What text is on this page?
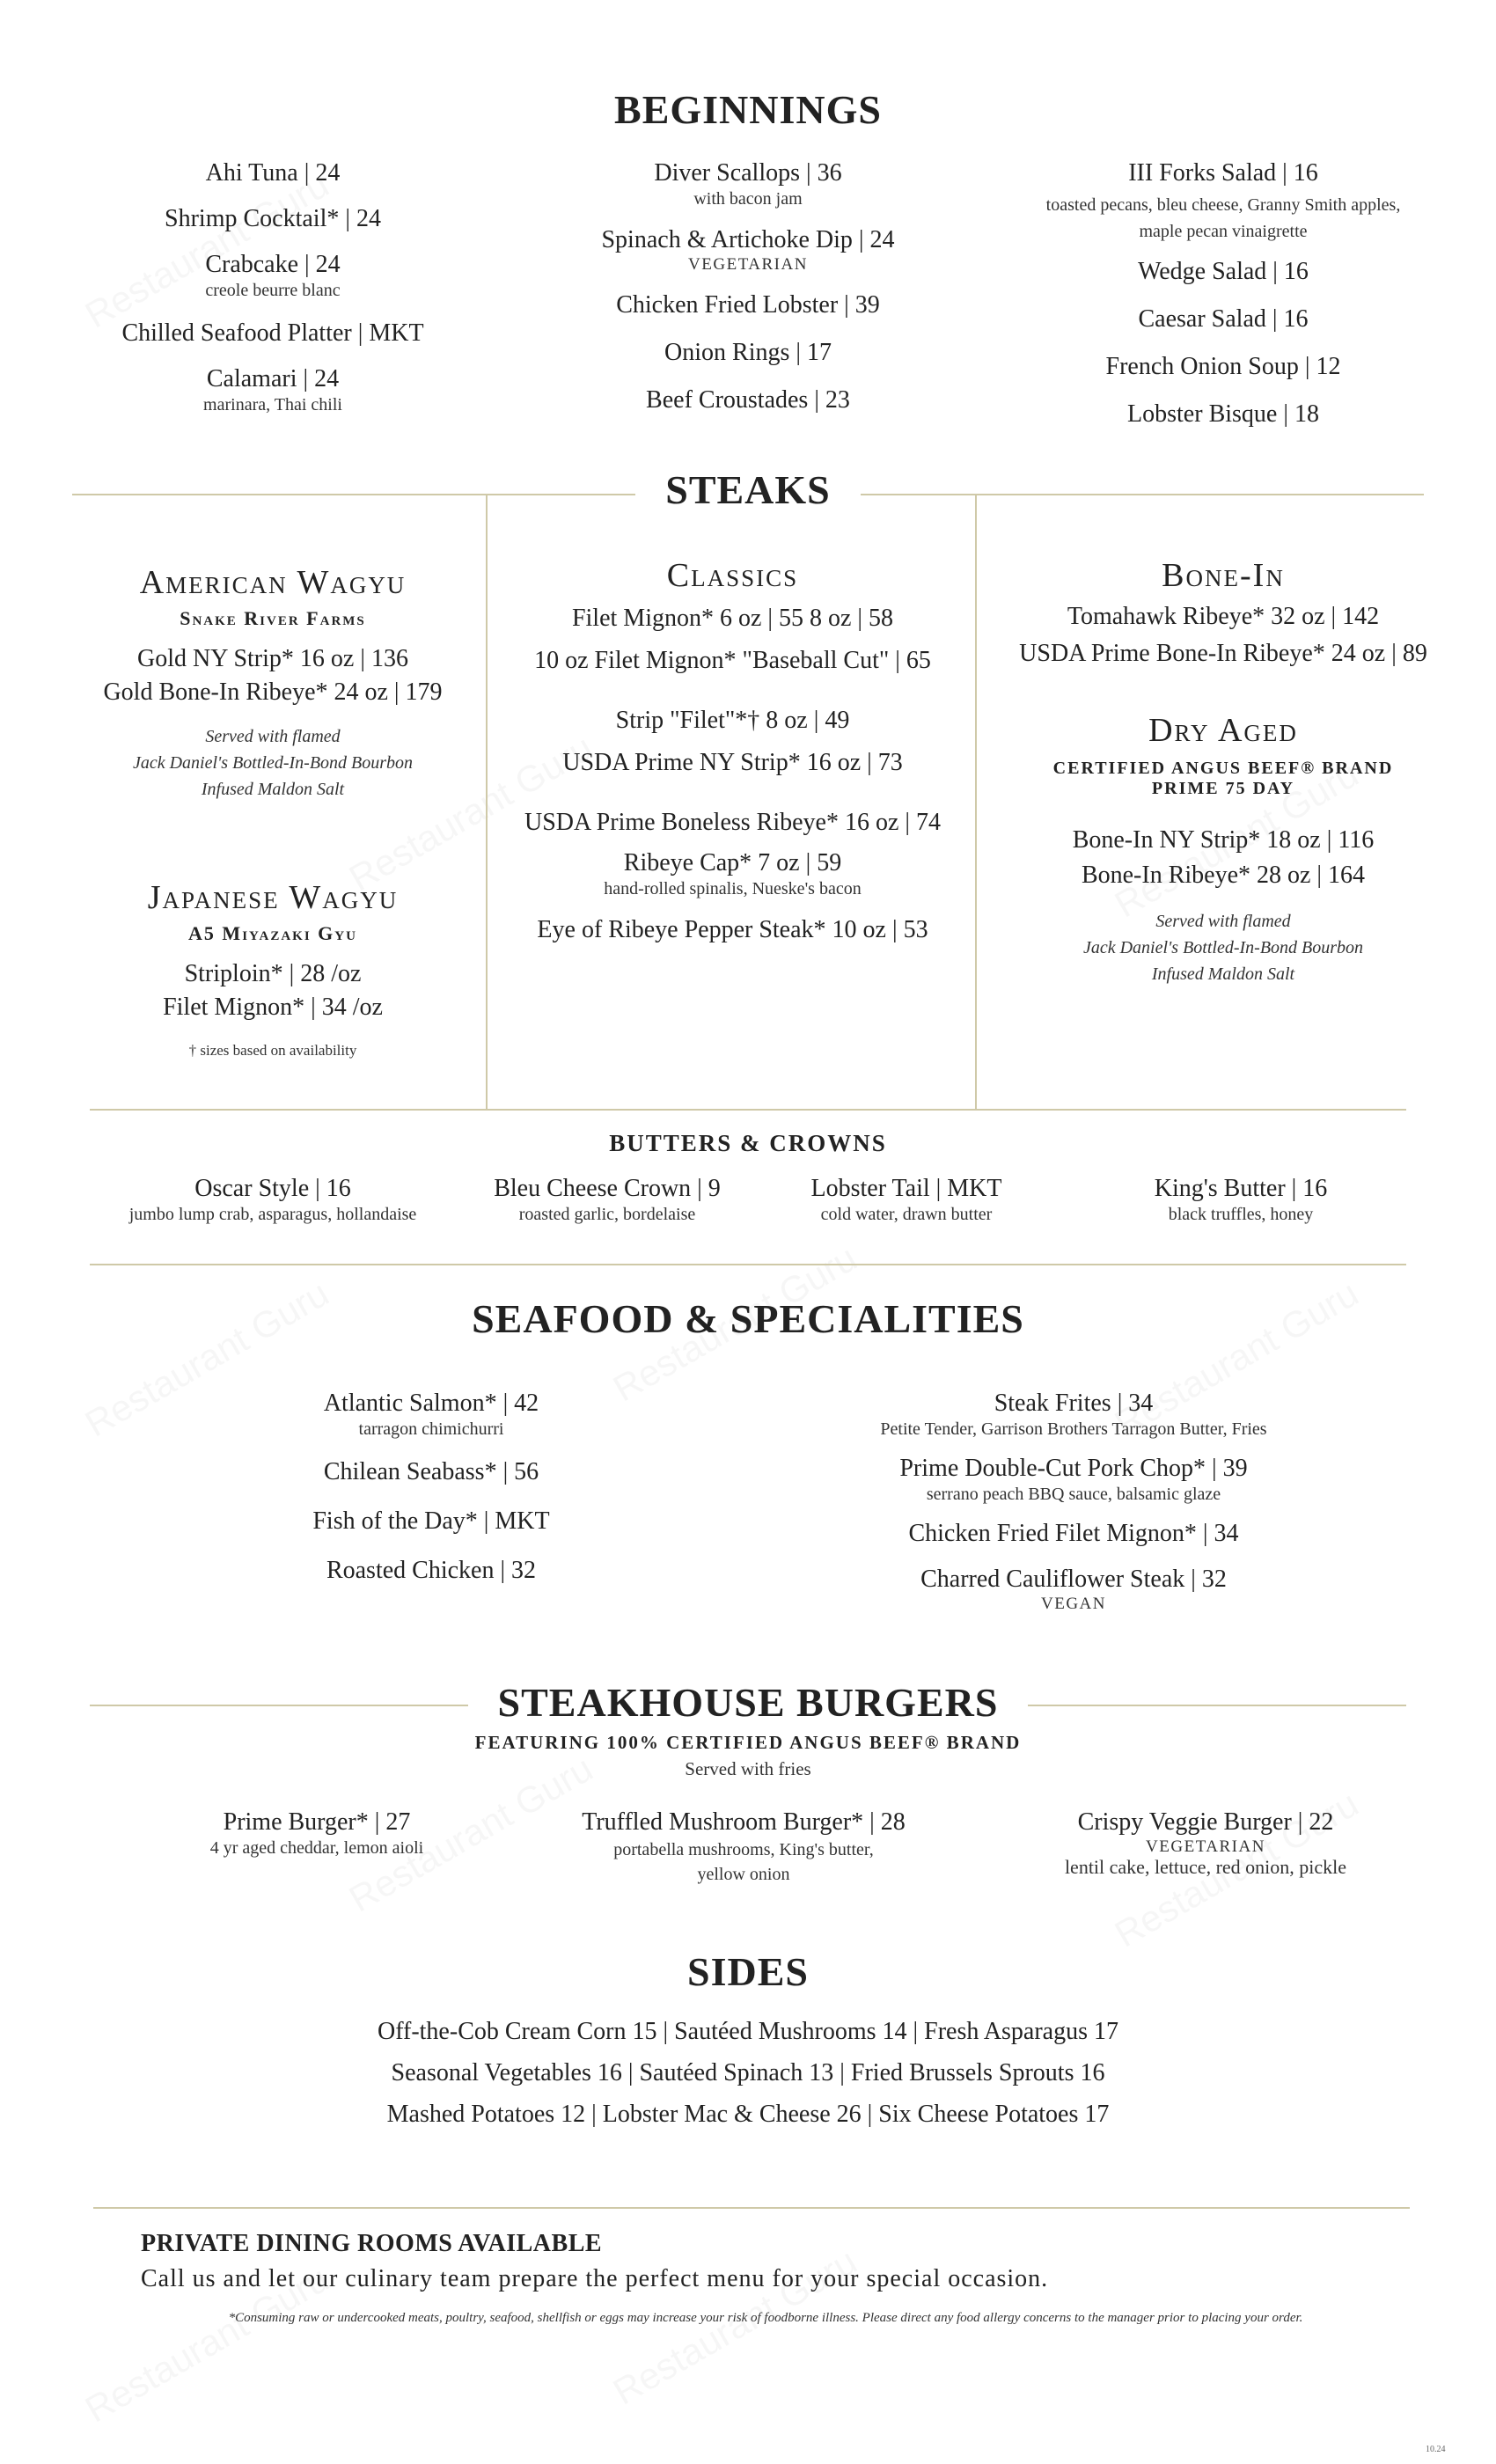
BEGINNINGS
Ahi Tuna | 24
Shrimp Cocktail* | 24
Crabcake | 24
creole beurre blanc
Chilled Seafood Platter | MKT
Calamari | 24
marinara, Thai chili
Diver Scallops | 36
with bacon jam
Spinach & Artichoke Dip | 24
VEGETARIAN
Chicken Fried Lobster | 39
Onion Rings | 17
Beef Croustades | 23
III Forks Salad | 16
toasted pecans, bleu cheese, Granny Smith apples, maple pecan vinaigrette
Wedge Salad | 16
Caesar Salad | 16
French Onion Soup | 12
Lobster Bisque | 18
STEAKS
American Wagyu
Snake River Farms
Gold NY Strip* 16 oz | 136
Gold Bone-In Ribeye* 24 oz | 179
Served with flamed
Jack Daniel's Bottled-In-Bond Bourbon
Infused Maldon Salt
Japanese Wagyu
A5 Miyazaki Gyu
Striploin* | 28 /oz
Filet Mignon* | 34 /oz
† sizes based on availability
Classics
Filet Mignon* 6 oz | 55 8 oz | 58
10 oz Filet Mignon* "Baseball Cut" | 65
Strip "Filet"*† 8 oz | 49
USDA Prime NY Strip* 16 oz | 73
USDA Prime Boneless Ribeye* 16 oz | 74
Ribeye Cap* 7 oz | 59
hand-rolled spinalis, Nueske's bacon
Eye of Ribeye Pepper Steak* 10 oz | 53
Bone-In
Tomahawk Ribeye* 32 oz | 142
USDA Prime Bone-In Ribeye* 24 oz | 89
Dry Aged
CERTIFIED ANGUS BEEF® BRAND
PRIME 75 DAY
Bone-In NY Strip* 18 oz | 116
Bone-In Ribeye* 28 oz | 164
Served with flamed
Jack Daniel's Bottled-In-Bond Bourbon
Infused Maldon Salt
BUTTERS & CROWNS
Oscar Style | 16
jumbo lump crab, asparagus, hollandaise
Bleu Cheese Crown | 9
roasted garlic, bordelaise
Lobster Tail | MKT
cold water, drawn butter
King's Butter | 16
black truffles, honey
SEAFOOD & SPECIALITIES
Atlantic Salmon* | 42
tarragon chimichurri
Chilean Seabass* | 56
Fish of the Day* | MKT
Roasted Chicken | 32
Steak Frites | 34
Petite Tender, Garrison Brothers Tarragon Butter, Fries
Prime Double-Cut Pork Chop* | 39
serrano peach BBQ sauce, balsamic glaze
Chicken Fried Filet Mignon* | 34
Charred Cauliflower Steak | 32
VEGAN
STEAKHOUSE BURGERS
FEATURING 100% CERTIFIED ANGUS BEEF® BRAND
Served with fries
Prime Burger* | 27
4 yr aged cheddar, lemon aioli
Truffled Mushroom Burger* | 28
portabella mushrooms, King's butter, yellow onion
Crispy Veggie Burger | 22
VEGETARIAN
lentil cake, lettuce, red onion, pickle
SIDES
Off-the-Cob Cream Corn 15 | Sautéed Mushrooms 14 | Fresh Asparagus 17
Seasonal Vegetables 16 | Sautéed Spinach 13 | Fried Brussels Sprouts 16
Mashed Potatoes 12 | Lobster Mac & Cheese 26 | Six Cheese Potatoes 17
PRIVATE DINING ROOMS AVAILABLE
Call us and let our culinary team prepare the perfect menu for your special occasion.
*Consuming raw or undercooked meats, poultry, seafood, shellfish or eggs may increase your risk of foodborne illness. Please direct any food allergy concerns to the manager prior to placing your order.
10.24
